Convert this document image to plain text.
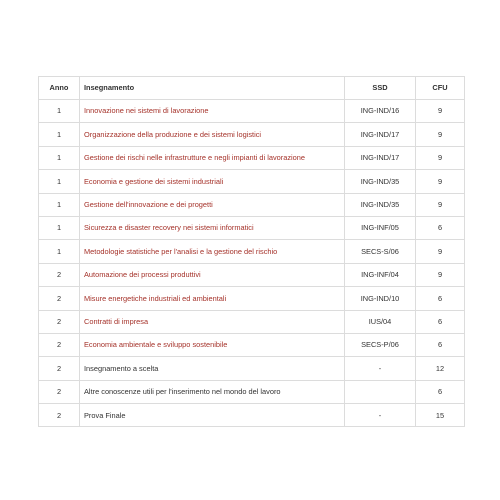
Anno	Insegnamento	SSD	CFU
1	Innovazione nei sistemi di lavorazione	ING-IND/16	9
1	Organizzazione della produzione e dei sistemi logistici	ING-IND/17	9
1	Gestione dei rischi nelle infrastrutture e negli impianti di lavorazione	ING-IND/17	9
1	Economia e gestione dei sistemi industriali	ING-IND/35	9
1	Gestione dell'innovazione e dei progetti	ING-IND/35	9
1	Sicurezza e disaster recovery nei sistemi informatici	ING-INF/05	6
1	Metodologie statistiche per l'analisi e la gestione del rischio	SECS-S/06	9
2	Automazione dei processi produttivi	ING-INF/04	9
2	Misure energetiche industriali ed ambientali	ING-IND/10	6
2	Contratti di impresa	IUS/04	6
2	Economia ambientale e sviluppo sostenibile	SECS-P/06	6
2	Insegnamento a scelta	-	12
2	Altre conoscenze utili per l'inserimento nel mondo del lavoro		6
2	Prova Finale	-	15
